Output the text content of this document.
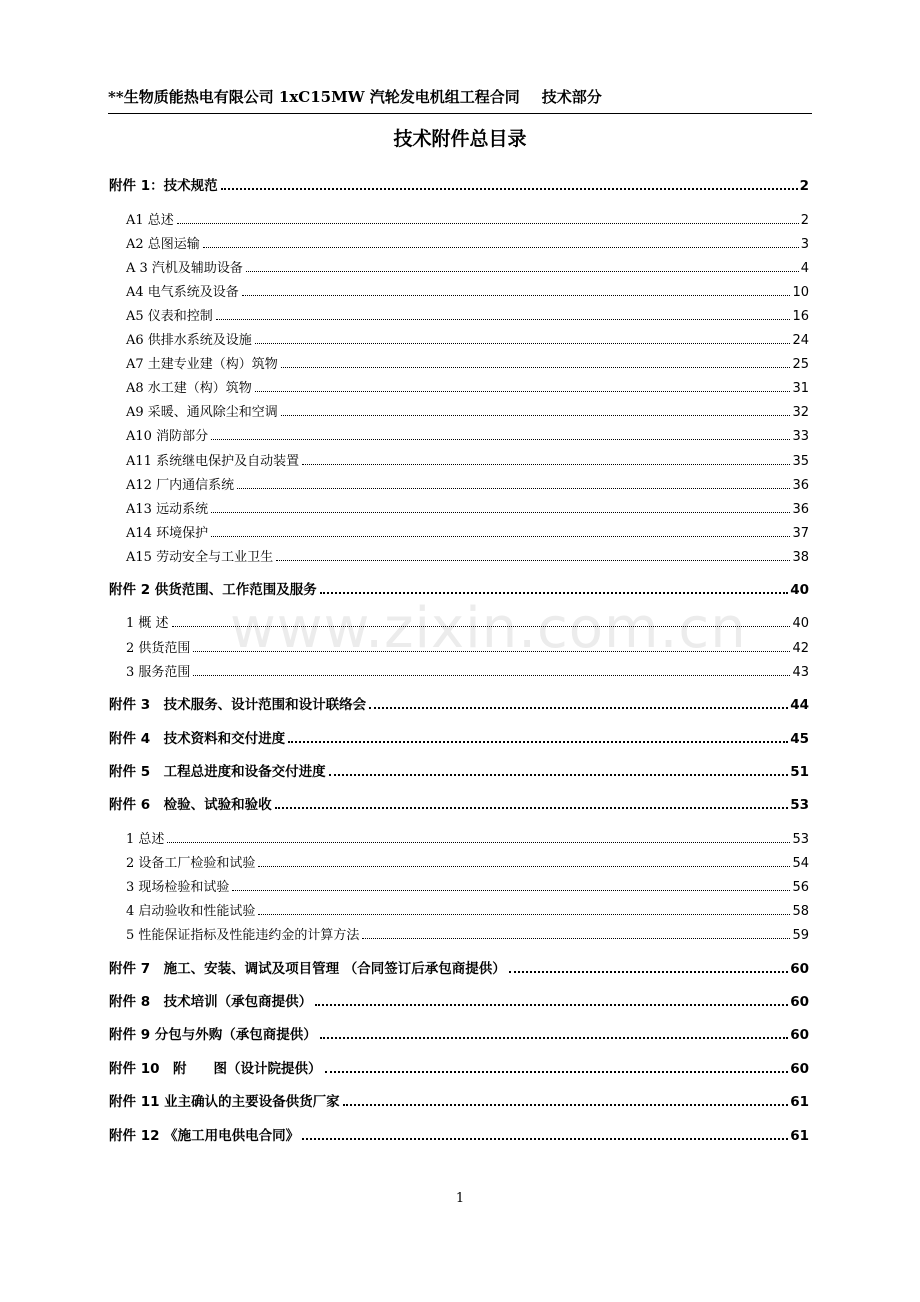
**生物质能热电有限公司 1xC15MW 汽轮发电机组工程合同 技术部分
技术附件总目录
www.zixin.com.cn
附件 1：技术规范	2
A1 总述	2
A2 总图运输	3
A 3 汽机及辅助设备	4
A4 电气系统及设备	10
A5 仪表和控制	16
A6 供排水系统及设施	24
A7 土建专业建（构）筑物	25
A8 水工建（构）筑物	31
A9 采暖、通风除尘和空调	32
A10 消防部分	33
A11 系统继电保护及自动装置	35
A12 厂内通信系统	36
A13 远动系统	36
A14 环境保护	37
A15 劳动安全与工业卫生	38
附件 2 供货范围、工作范围及服务	40
1 概 述	40
2 供货范围	42
3 服务范围	43
附件 3　技术服务、设计范围和设计联络会	44
附件 4　技术资料和交付进度	45
附件 5　工程总进度和设备交付进度	51
附件 6　检验、试验和验收	53
1 总述	53
2 设备工厂检验和试验	54
3 现场检验和试验	56
4 启动验收和性能试验	58
5 性能保证指标及性能违约金的计算方法	59
附件 7　施工、安装、调试及项目管理 （合同签订后承包商提供）	60
附件 8　技术培训（承包商提供）	60
附件 9 分包与外购（承包商提供）	60
附件 10　附　　图（设计院提供）	60
附件 11 业主确认的主要设备供货厂家	61
附件 12 《施工用电供电合同》	61
1
